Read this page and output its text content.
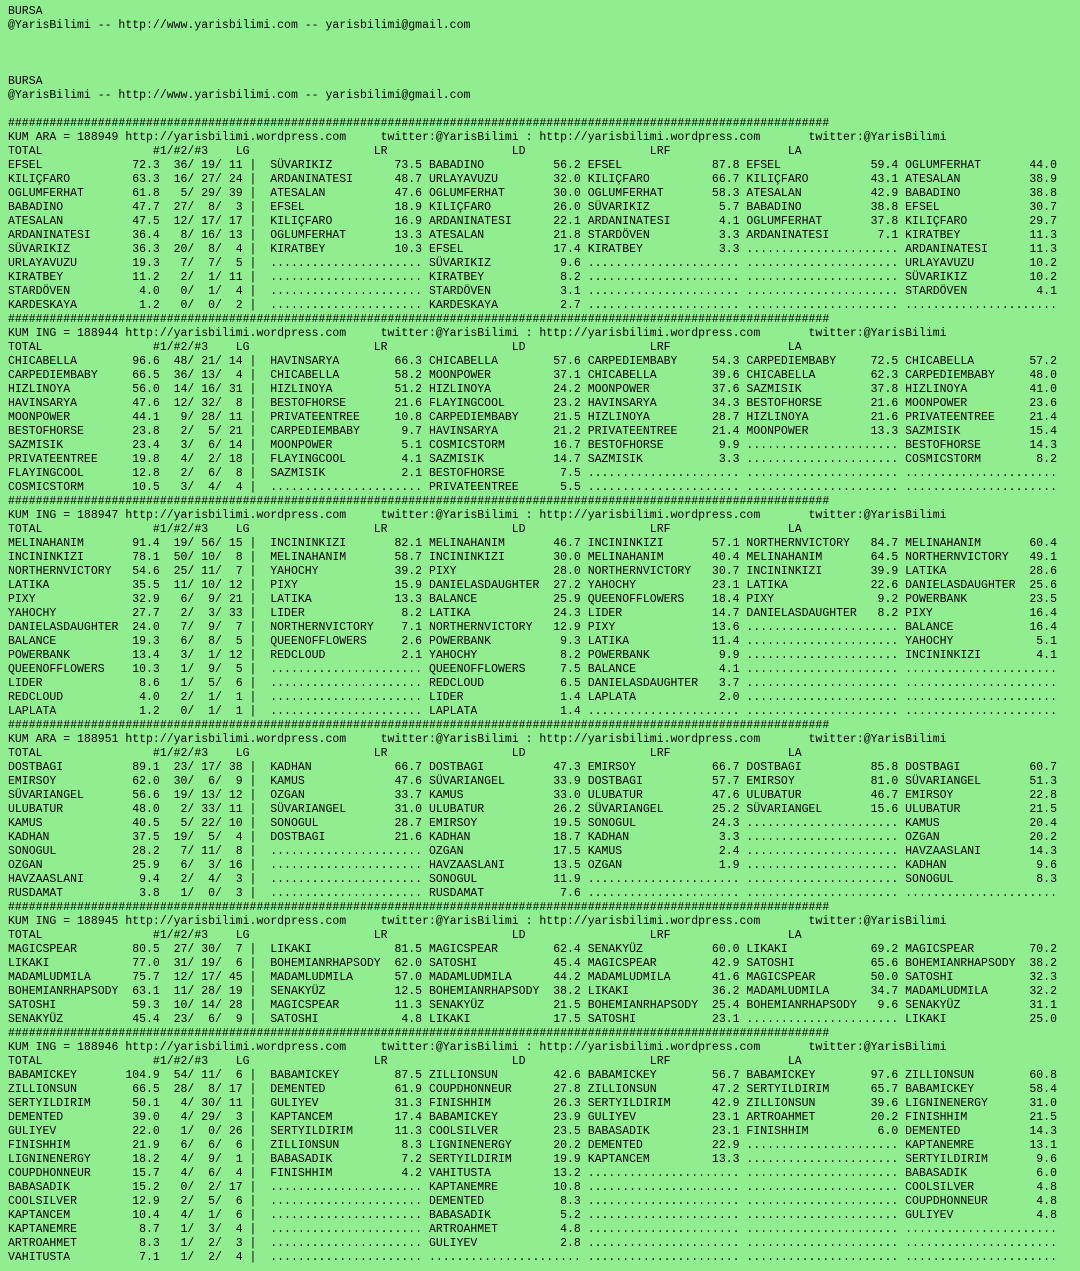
BURSA
@YarisBilimi -- http://www.yarisbilimi.com -- yarisbilimi@gmail.com

BURSA
@YarisBilimi -- http://www.yarisbilimi.com -- yarisbilimi@gmail.com

#######################################################################################################################
KUM ARA = 188949 http://yarisbilimi.wordpress.com     twitter:@YarisBilimi : http://yarisbilimi.wordpress.com       twitter:@YarisBilimi
TOTAL                #1/#2/#3    LG                  LR                  LD                  LRF                 LA
EFSEL             72.3  36/ 19/ 11 |  SÜVARIKIZ         73.5 BABADINO          56.2 EFSEL             87.8 EFSEL             59.4 OGLUMFERHAT       44.0
KILIÇFARO         63.3  16/ 27/ 24 |  ARDANINATESI      48.7 URLAYAVUZU        32.0 KILIÇFARO         66.7 KILIÇFARO         43.1 ATESALAN          38.9
OGLUMFERHAT       61.8   5/ 29/ 39 |  ATESALAN          47.6 OGLUMFERHAT       30.0 OGLUMFERHAT       58.3 ATESALAN          42.9 BABADINO          38.8
BABADINO          47.7  27/  8/  3 |  EFSEL             18.9 KILIÇFARO         26.0 SÜVARIKIZ          5.7 BABADINO          38.8 EFSEL             30.7
ATESALAN          47.5  12/ 17/ 17 |  KILIÇFARO         16.9 ARDANINATESI      22.1 ARDANINATESI       4.1 OGLUMFERHAT       37.8 KILIÇFARO         29.7
ARDANINATESI      36.4   8/ 16/ 13 |  OGLUMFERHAT       13.3 ATESALAN          21.8 STARDÖVEN          3.3 ARDANINATESI       7.1 KIRATBEY          11.3
SÜVARIKIZ         36.3  20/  8/  4 |  KIRATBEY          10.3 EFSEL             17.4 KIRATBEY           3.3 ...................... ARDANINATESI      11.3
URLAYAVUZU        19.3   7/  7/  5 |  ...................... SÜVARIKIZ          9.6 ...................... ...................... URLAYAVUZU        10.2
KIRATBEY          11.2   2/  1/ 11 |  ...................... KIRATBEY           8.2 ...................... ...................... SÜVARIKIZ         10.2
STARDÖVEN          4.0   0/  1/  4 |  ...................... STARDÖVEN          3.1 ...................... ...................... STARDÖVEN          4.1
KARDESKAYA         1.2   0/  0/  2 |  ...................... KARDESKAYA         2.7 ...................... ...................... ......................
#######################################################################################################################
KUM ING = 188944 http://yarisbilimi.wordpress.com     twitter:@YarisBilimi : http://yarisbilimi.wordpress.com       twitter:@YarisBilimi
TOTAL                #1/#2/#3    LG                  LR                  LD                  LRF                 LA
CHICABELLA        96.6  48/ 21/ 14 |  HAVINSARYA        66.3 CHICABELLA        57.6 CARPEDIEMBABY     54.3 CARPEDIEMBABY     72.5 CHICABELLA        57.2
CARPEDIEMBABY     66.5  36/ 13/  4 |  CHICABELLA        58.2 MOONPOWER         37.1 CHICABELLA        39.6 CHICABELLA        62.3 CARPEDIEMBABY     48.0
HIZLINOYA         56.0  14/ 16/ 31 |  HIZLINOYA         51.2 HIZLINOYA         24.2 MOONPOWER         37.6 SAZMISIK          37.8 HIZLINOYA         41.0
HAVINSARYA        47.6  12/ 32/  8 |  BESTOFHORSE       21.6 FLAYINGCOOL       23.2 HAVINSARYA        34.3 BESTOFHORSE       21.6 MOONPOWER         23.6
MOONPOWER         44.1   9/ 28/ 11 |  PRIVATEENTREE     10.8 CARPEDIEMBABY     21.5 HIZLINOYA         28.7 HIZLINOYA         21.6 PRIVATEENTREE     21.4
BESTOFHORSE       23.8   2/  5/ 21 |  CARPEDIEMBABY      9.7 HAVINSARYA        21.2 PRIVATEENTREE     21.4 MOONPOWER         13.3 SAZMISIK          15.4
SAZMISIK          23.4   3/  6/ 14 |  MOONPOWER          5.1 COSMICSTORM       16.7 BESTOFHORSE        9.9 ...................... BESTOFHORSE       14.3
PRIVATEENTREE     19.8   4/  2/ 18 |  FLAYINGCOOL        4.1 SAZMISIK          14.7 SAZMISIK           3.3 ...................... COSMICSTORM        8.2
FLAYINGCOOL       12.8   2/  6/  8 |  SAZMISIK           2.1 BESTOFHORSE        7.5 ...................... ...................... ......................
COSMICSTORM       10.5   3/  4/  4 |  ...................... PRIVATEENTREE      5.5 ...................... ...................... ......................
#######################################################################################################################
KUM ING = 188947 http://yarisbilimi.wordpress.com     twitter:@YarisBilimi : http://yarisbilimi.wordpress.com       twitter:@YarisBilimi
TOTAL                #1/#2/#3    LG                  LR                  LD                  LRF                 LA
MELINAHANIM       91.4  19/ 56/ 15 |  INCININKIZI       82.1 MELINAHANIM       46.7 INCININKIZI       57.1 NORTHERNVICTORY   84.7 MELINAHANIM       60.4
INCININKIZI       78.1  50/ 10/  8 |  MELINAHANIM       58.7 INCININKIZI       30.0 MELINAHANIM       40.4 MELINAHANIM       64.5 NORTHERNVICTORY   49.1
NORTHERNVICTORY   54.6  25/ 11/  7 |  YAHOCHY           39.2 PIXY              28.0 NORTHERNVICTORY   30.7 INCININKIZI       39.9 LATIKA            28.6
LATIKA            35.5  11/ 10/ 12 |  PIXY              15.9 DANIELASDAUGHTER  27.2 YAHOCHY           23.1 LATIKA            22.6 DANIELASDAUGHTER  25.6
PIXY              32.9   6/  9/ 21 |  LATIKA            13.3 BALANCE           25.9 QUEENOFFLOWERS    18.4 PIXY               9.2 POWERBANK         23.5
YAHOCHY           27.7   2/  3/ 33 |  LIDER              8.2 LATIKA            24.3 LIDER             14.7 DANIELASDAUGHTER   8.2 PIXY              16.4
DANIELASDAUGHTER  24.0   7/  9/  7 |  NORTHERNVICTORY    7.1 NORTHERNVICTORY   12.9 PIXY              13.6 ...................... BALANCE           16.4
BALANCE           19.3   6/  8/  5 |  QUEENOFFLOWERS     2.6 POWERBANK          9.3 LATIKA            11.4 ...................... YAHOCHY            5.1
POWERBANK         13.4   3/  1/ 12 |  REDCLOUD           2.1 YAHOCHY            8.2 POWERBANK          9.9 ...................... INCININKIZI        4.1
QUEENOFFLOWERS    10.3   1/  9/  5 |  ...................... QUEENOFFLOWERS     7.5 BALANCE            4.1 ...................... ......................
LIDER              8.6   1/  5/  6 |  ...................... REDCLOUD           6.5 DANIELASDAUGHTER   3.7 ...................... ......................
REDCLOUD           4.0   2/  1/  1 |  ...................... LIDER              1.4 LAPLATA            2.0 ...................... ......................
LAPLATA            1.2   0/  1/  1 |  ...................... LAPLATA            1.4 ...................... ...................... ......................
#######################################################################################################################
KUM ARA = 188951 http://yarisbilimi.wordpress.com     twitter:@YarisBilimi : http://yarisbilimi.wordpress.com       twitter:@YarisBilimi
TOTAL                #1/#2/#3    LG                  LR                  LD                  LRF                 LA
DOSTBAGI          89.1  23/ 17/ 38 |  KADHAN            66.7 DOSTBAGI          47.3 EMIRSOY           66.7 DOSTBAGI          85.8 DOSTBAGI          60.7
EMIRSOY           62.0  30/  6/  9 |  KAMUS             47.6 SÜVARIANGEL       33.9 DOSTBAGI          57.7 EMIRSOY           81.0 SÜVARIANGEL       51.3
SÜVARIANGEL       56.6  19/ 13/ 12 |  OZGAN             33.7 KAMUS             33.0 ULUBATUR          47.6 ULUBATUR          46.7 EMIRSOY           22.8
ULUBATUR          48.0   2/ 33/ 11 |  SÜVARIANGEL       31.0 ULUBATUR          26.2 SÜVARIANGEL       25.2 SÜVARIANGEL       15.6 ULUBATUR          21.5
KAMUS             40.5   5/ 22/ 10 |  SONOGUL           28.7 EMIRSOY           19.5 SONOGUL           24.3 ...................... KAMUS             20.4
KADHAN            37.5  19/  5/  4 |  DOSTBAGI          21.6 KADHAN            18.7 KADHAN             3.3 ...................... OZGAN             20.2
SONOGUL           28.2   7/ 11/  8 |  ...................... OZGAN             17.5 KAMUS              2.4 ...................... HAVZAASLANI       14.3
OZGAN             25.9   6/  3/ 16 |  ...................... HAVZAASLANI       13.5 OZGAN              1.9 ...................... KADHAN             9.6
HAVZAASLANI        9.4   2/  4/  3 |  ...................... SONOGUL           11.9 ...................... ...................... SONOGUL            8.3
RUSDAMAT           3.8   1/  0/  3 |  ...................... RUSDAMAT           7.6 ...................... ...................... ......................
#######################################################################################################################
KUM ING = 188945 http://yarisbilimi.wordpress.com     twitter:@YarisBilimi : http://yarisbilimi.wordpress.com       twitter:@YarisBilimi
TOTAL                #1/#2/#3    LG                  LR                  LD                  LRF                 LA
MAGICSPEAR        80.5  27/ 30/  7 |  LIKAKI            81.5 MAGICSPEAR        62.4 SENAKYÜZ          60.0 LIKAKI            69.2 MAGICSPEAR        70.2
LIKAKI            77.0  31/ 19/  6 |  BOHEMIANRHAPSODY  62.0 SATOSHI           45.4 MAGICSPEAR        42.9 SATOSHI           65.6 BOHEMIANRHAPSODY  38.2
MADAMLUDMILA      75.7  12/ 17/ 45 |  MADAMLUDMILA      57.0 MADAMLUDMILA      44.2 MADAMLUDMILA      41.6 MAGICSPEAR        50.0 SATOSHI           32.3
BOHEMIANRHAPSODY  63.1  11/ 28/ 19 |  SENAKYÜZ          12.5 BOHEMIANRHAPSODY  38.2 LIKAKI            36.2 MADAMLUDMILA      34.7 MADAMLUDMILA      32.2
SATOSHI           59.3  10/ 14/ 28 |  MAGICSPEAR        11.3 SENAKYÜZ          21.5 BOHEMIANRHAPSODY  25.4 BOHEMIANRHAPSODY   9.6 SENAKYÜZ          31.1
SENAKYÜZ          45.4  23/  6/  9 |  SATOSHI            4.8 LIKAKI            17.5 SATOSHI           23.1 ...................... LIKAKI            25.0
#######################################################################################################################
KUM ING = 188946 http://yarisbilimi.wordpress.com     twitter:@YarisBilimi : http://yarisbilimi.wordpress.com       twitter:@YarisBilimi
TOTAL                #1/#2/#3    LG                  LR                  LD                  LRF                 LA
BABAMICKEY       104.9  54/ 11/  6 |  BABAMICKEY        87.5 ZILLIONSUN        42.6 BABAMICKEY        56.7 BABAMICKEY        97.6 ZILLIONSUN        60.8
ZILLIONSUN        66.5  28/  8/ 17 |  DEMENTED          61.9 COUPDHONNEUR      27.8 ZILLIONSUN        47.2 SERTYILDIRIM      65.7 BABAMICKEY        58.4
SERTYILDIRIM      50.1   4/ 30/ 11 |  GULIYEV           31.3 FINISHHIM         26.3 SERTYILDIRIM      42.9 ZILLIONSUN        39.6 LIGNINENERGY      31.0
DEMENTED          39.0   4/ 29/  3 |  KAPTANCEM         17.4 BABAMICKEY        23.9 GULIYEV           23.1 ARTROAHMET        20.2 FINISHHIM         21.5
GULIYEV           22.0   1/  0/ 26 |  SERTYILDIRIM      11.3 COOLSILVER        23.5 BABASADIK         23.1 FINISHHIM          6.0 DEMENTED          14.3
FINISHHIM         21.9   6/  6/  6 |  ZILLIONSUN         8.3 LIGNINENERGY      20.2 DEMENTED          22.9 ...................... KAPTANEMRE        13.1
LIGNINENERGY      18.2   4/  9/  1 |  BABASADIK          7.2 SERTYILDIRIM      19.9 KAPTANCEM         13.3 ...................... SERTYILDIRIM       9.6
COUPDHONNEUR      15.7   4/  6/  4 |  FINISHHIM          4.2 VAHITUSTA         13.2 ...................... ...................... BABASADIK          6.0
BABASADIK         15.2   0/  2/ 17 |  ...................... KAPTANEMRE        10.8 ...................... ...................... COOLSILVER         4.8
COOLSILVER        12.9   2/  5/  6 |  ...................... DEMENTED           8.3 ...................... ...................... COUPDHONNEUR       4.8
KAPTANCEM         10.4   4/  1/  6 |  ...................... BABASADIK          5.2 ...................... ...................... GULIYEV            4.8
KAPTANEMRE         8.7   1/  3/  4 |  ...................... ARTROAHMET         4.8 ...................... ...................... ......................
ARTROAHMET         8.3   1/  2/  3 |  ...................... GULIYEV            2.8 ...................... ...................... ......................
VAHITUSTA          7.1   1/  2/  4 |  ...................... ...................... ...................... ...................... ......................
